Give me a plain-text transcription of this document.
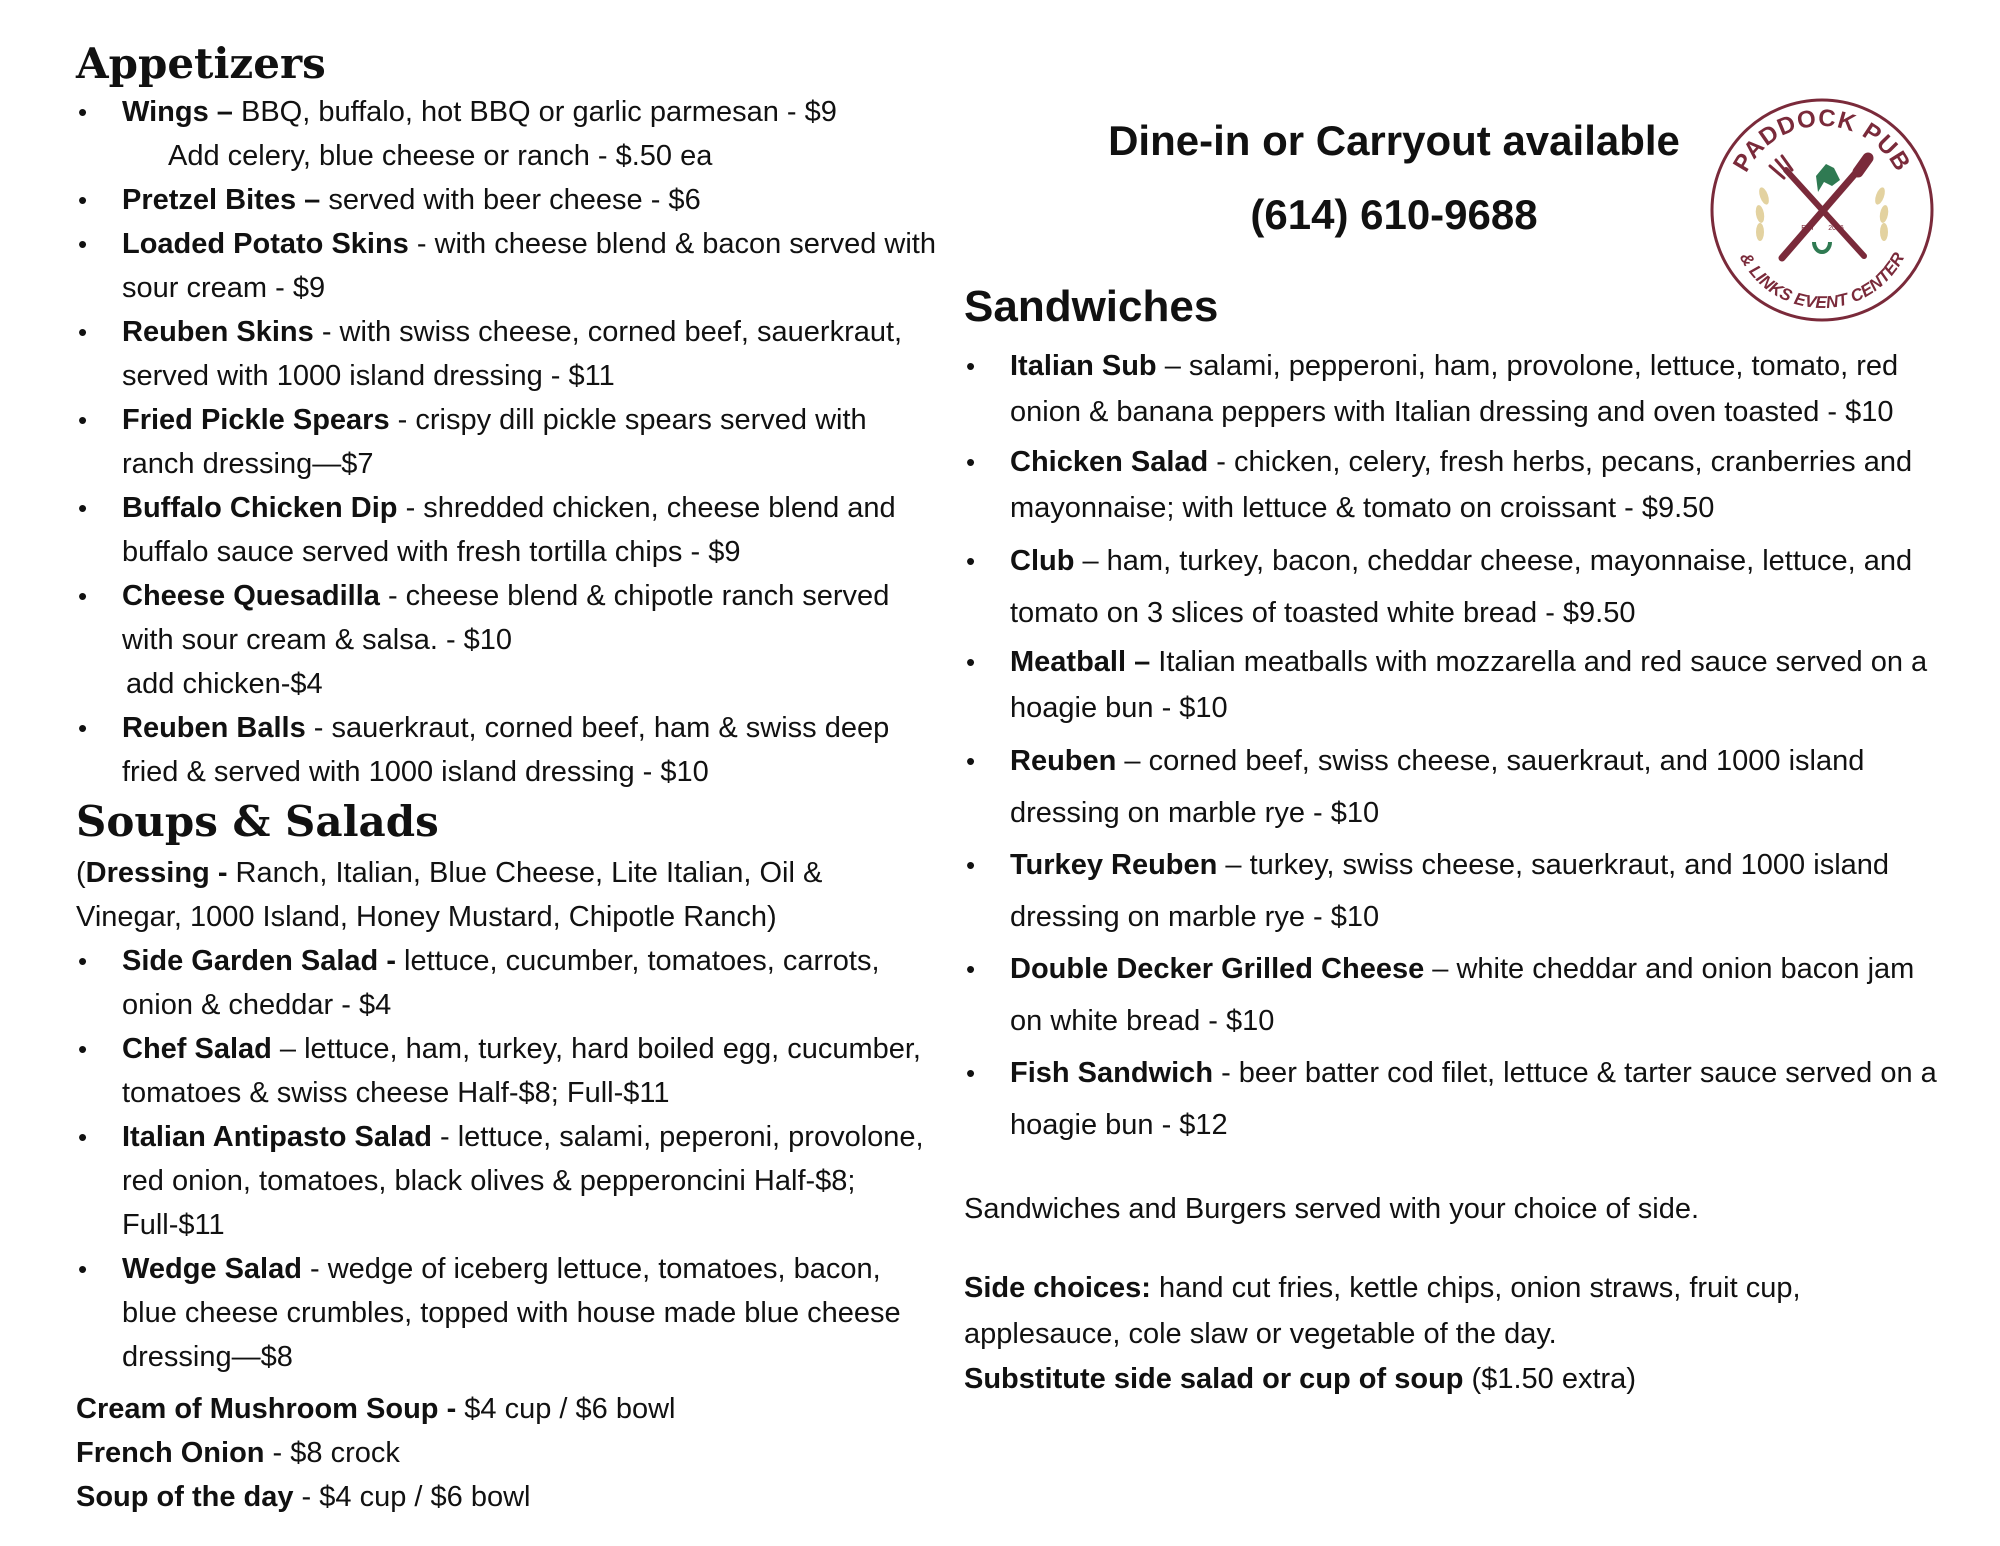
Appetizers
• Wings – BBQ, buffalo, hot BBQ or garlic parmesan - $9
Add celery, blue cheese or ranch - $.50 ea
• Pretzel Bites – served with beer cheese - $6
• Loaded Potato Skins - with cheese blend & bacon served with sour cream - $9
• Reuben Skins - with swiss cheese, corned beef, sauerkraut, served with 1000 island dressing - $11
• Fried Pickle Spears - crispy dill pickle spears served with ranch dressing—$7
• Buffalo Chicken Dip - shredded chicken, cheese blend and buffalo sauce served with fresh tortilla chips - $9
• Cheese Quesadilla - cheese blend & chipotle ranch served with sour cream & salsa. - $10
add chicken-$4
• Reuben Balls - sauerkraut, corned beef, ham & swiss deep fried & served with 1000 island dressing - $10
Soups & Salads

(Dressing - Ranch, Italian, Blue Cheese, Lite Italian, Oil & Vinegar, 1000 Island, Honey Mustard, Chipotle Ranch)

• Side Garden Salad - lettuce, cucumber, tomatoes, carrots, onion & cheddar - $4
• Chef Salad – lettuce, ham, turkey, hard boiled egg, cucumber, tomatoes & swiss cheese Half-$8; Full-$11
• Italian Antipasto Salad - lettuce, salami, peperoni, provolone, red onion, tomatoes, black olives & pepperoncini Half-$8; Full-$11
• Wedge Salad - wedge of iceberg lettuce, tomatoes, bacon, blue cheese crumbles, topped with house made blue cheese dressing—$8
Cream of Mushroom Soup - $4 cup / $6 bowl
French Onion - $8 crock
Soup of the day - $4 cup / $6 bowl
Dine-in or Carryout available
(614) 610-9688
PADDOCK PUB
& LINKS EVENT CENTER
EST 2016
Sandwiches
• Italian Sub – salami, pepperoni, ham, provolone, lettuce, tomato, red onion & banana peppers with Italian dressing and oven toasted - $10
• Chicken Salad - chicken, celery, fresh herbs, pecans, cranberries and mayonnaise; with lettuce & tomato on croissant - $9.50
• Club – ham, turkey, bacon, cheddar cheese, mayonnaise, lettuce, and tomato on 3 slices of toasted white bread - $9.50
• Meatball – Italian meatballs with mozzarella and red sauce served on a hoagie bun - $10
• Reuben – corned beef, swiss cheese, sauerkraut, and 1000 island dressing on marble rye - $10
• Turkey Reuben – turkey, swiss cheese, sauerkraut, and 1000 island dressing on marble rye - $10
• Double Decker Grilled Cheese – white cheddar and onion bacon jam on white bread - $10
• Fish Sandwich - beer batter cod filet, lettuce & tarter sauce served on a hoagie bun - $12

Sandwiches and Burgers served with your choice of side.

Side choices: hand cut fries, kettle chips, onion straws, fruit cup, applesauce, cole slaw or vegetable of the day.

Substitute side salad or cup of soup ($1.50 extra)
